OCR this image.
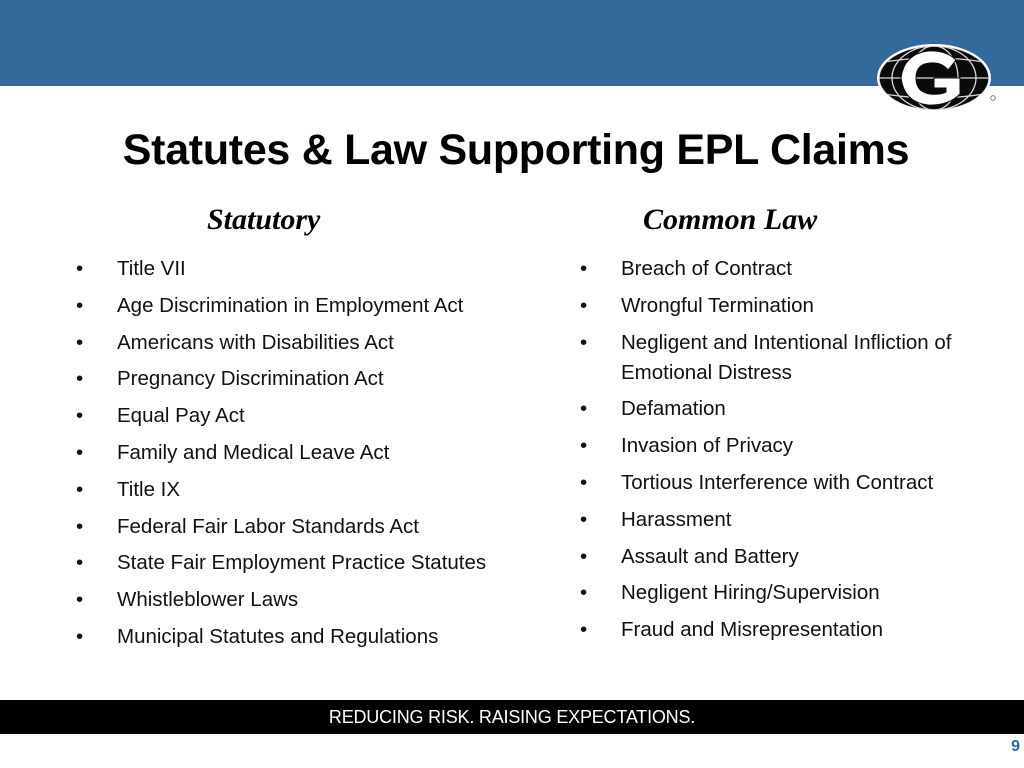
Statutes & Law Supporting EPL Claims
Statutory	Common Law
•	Title VII
•	Age Discrimination in Employment Act
•	Americans with Disabilities Act
•	Pregnancy Discrimination Act
•	Equal Pay Act
•	Family and Medical Leave Act
•	Title IX
•	Federal Fair Labor Standards Act
•	State Fair Employment Practice Statutes
•	Whistleblower Laws
•	Municipal Statutes and Regulations
•	Breach of Contract
•	Wrongful Termination
•	Negligent and Intentional Infliction of Emotional Distress
•	Defamation
•	Invasion of Privacy
•	Tortious Interference with Contract
•	Harassment
•	Assault and Battery
•	Negligent Hiring/Supervision
•	Fraud and Misrepresentation
REDUCING RISK. RAISING EXPECTATIONS.
9
